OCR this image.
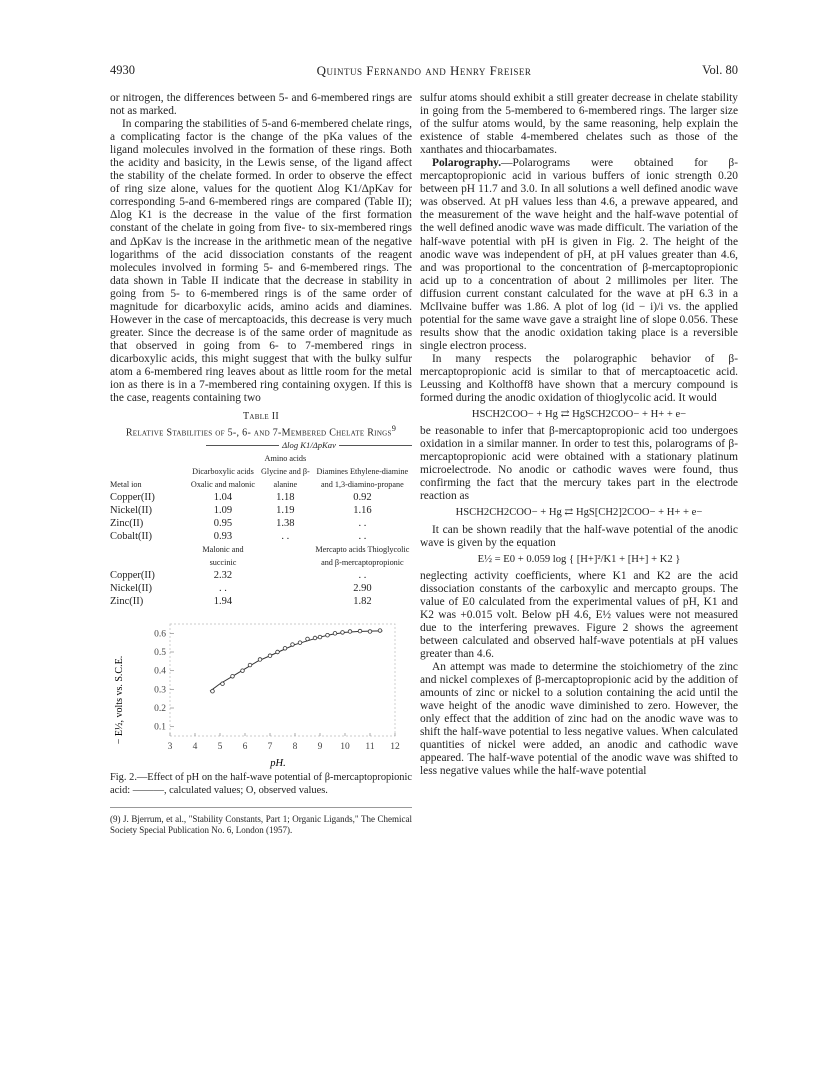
4930	Quintus Fernando and Henry Freiser	Vol. 80

or nitrogen, the differences between 5- and 6-membered rings are not as marked.

In comparing the stabilities of 5-and 6-membered chelate rings, a complicating factor is the change of the pKa values of the ligand molecules involved in the formation of these rings. Both the acidity and basicity, in the Lewis sense, of the ligand affect the stability of the chelate formed. In order to observe the effect of ring size alone, values for the quotient Δlog K1/ΔpKav for corresponding 5-and 6-membered rings are compared (Table II); Δlog K1 is the decrease in the value of the first formation constant of the chelate in going from five- to six-membered rings and ΔpKav is the increase in the arithmetic mean of the negative logarithms of the acid dissociation constants of the reagent molecules involved in forming 5- and 6-membered rings. The data shown in Table II indicate that the decrease in stability in going from 5- to 6-membered rings is of the same order of magnitude for dicarboxylic acids, amino acids and diamines. However in the case of mercaptoacids, this decrease is very much greater. Since the decrease is of the same order of magnitude as that observed in going from 6- to 7-membered rings in dicarboxylic acids, this might suggest that with the bulky sulfur atom a 6-membered ring leaves about as little room for the metal ion as there is in a 7-membered ring containing oxygen. If this is the case, reagents containing two

Table II
Relative Stabilities of 5-, 6- and 7-Membered Chelate Rings$^9$
Δlog K1/ΔpKav
Metal ion	Dicarboxylic acids Oxalic and malonic	Amino acids Glycine and β-alanine	Diamines Ethylene-diamine and 1,3-diamino-propane
Copper(II)	1.04	1.18	0.92
Nickel(II)	1.09	1.19	1.16
Zinc(II)	0.95	1.38	. .
Cobalt(II)	0.93	. .	. .
	Malonic and succinic		Mercapto acids Thioglycolic and β-mercaptopropionic
Copper(II)	2.32		. .
Nickel(II)	. .		2.90
Zinc(II)	1.94		1.82
− E½, volts vs. S.C.E.
pH.
0.1
0.2
0.3
0.4
0.5
0.6
3 4 5 6 7 8 9 10 11 12
Fig. 2.—Effect of pH on the half-wave potential of β-mercaptopropionic acid: ———, calculated values; O, observed values.
(9) J. Bjerrum, et al., "Stability Constants, Part 1; Organic Ligands," The Chemical Society Special Publication No. 6, London (1957).

sulfur atoms should exhibit a still greater decrease in chelate stability in going from the 5-membered to 6-membered rings. The larger size of the sulfur atoms would, by the same reasoning, help explain the existence of stable 4-membered chelates such as those of the xanthates and thiocarbamates.

Polarography.—Polarograms were obtained for β-mercaptopropionic acid in various buffers of ionic strength 0.20 between pH 11.7 and 3.0. In all solutions a well defined anodic wave was observed. At pH values less than 4.6, a prewave appeared, and the measurement of the wave height and the half-wave potential of the well defined anodic wave was made difficult. The variation of the half-wave potential with pH is given in Fig. 2. The height of the anodic wave was independent of pH, at pH values greater than 4.6, and was proportional to the concentration of β-mercaptopropionic acid up to a concentration of about 2 millimoles per liter. The diffusion current constant calculated for the wave at pH 6.3 in a McIlvaine buffer was 1.86. A plot of log (id − i)/i vs. the applied potential for the same wave gave a straight line of slope 0.056. These results show that the anodic oxidation taking place is a reversible single electron process.

In many respects the polarographic behavior of β-mercaptopropionic acid is similar to that of mercaptoacetic acid. Leussing and Kolthoff8 have shown that a mercury compound is formed during the anodic oxidation of thioglycolic acid. It would

HSCH2COO− + Hg ⇄ HgSCH2COO− + H+ + e−

be reasonable to infer that β-mercaptopropionic acid too undergoes oxidation in a similar manner. In order to test this, polarograms of β-mercaptopropionic acid were obtained with a stationary platinum microelectrode. No anodic or cathodic waves were found, thus confirming the fact that the mercury takes part in the electrode reaction as

HSCH2CH2COO− + Hg ⇄ HgS[CH2]2COO− + H+ + e−

It can be shown readily that the half-wave potential of the anodic wave is given by the equation

E½ = E0 + 0.059 log { [H+]²/K1 + [H+] + K2 }

neglecting activity coefficients, where K1 and K2 are the acid dissociation constants of the carboxylic and mercapto groups. The value of E0 calculated from the experimental values of pH, K1 and K2 was +0.015 volt. Below pH 4.6, E½ values were not measured due to the interfering prewaves. Figure 2 shows the agreement between calculated and observed half-wave potentials at pH values greater than 4.6.

An attempt was made to determine the stoichiometry of the zinc and nickel complexes of β-mercaptopropionic acid by the addition of amounts of zinc or nickel to a solution containing the acid until the wave height of the anodic wave diminished to zero. However, the only effect that the addition of zinc had on the anodic wave was to shift the half-wave potential to less negative values. When calculated quantities of nickel were added, an anodic and cathodic wave appeared. The half-wave potential of the anodic wave was shifted to less negative values while the half-wave potential
